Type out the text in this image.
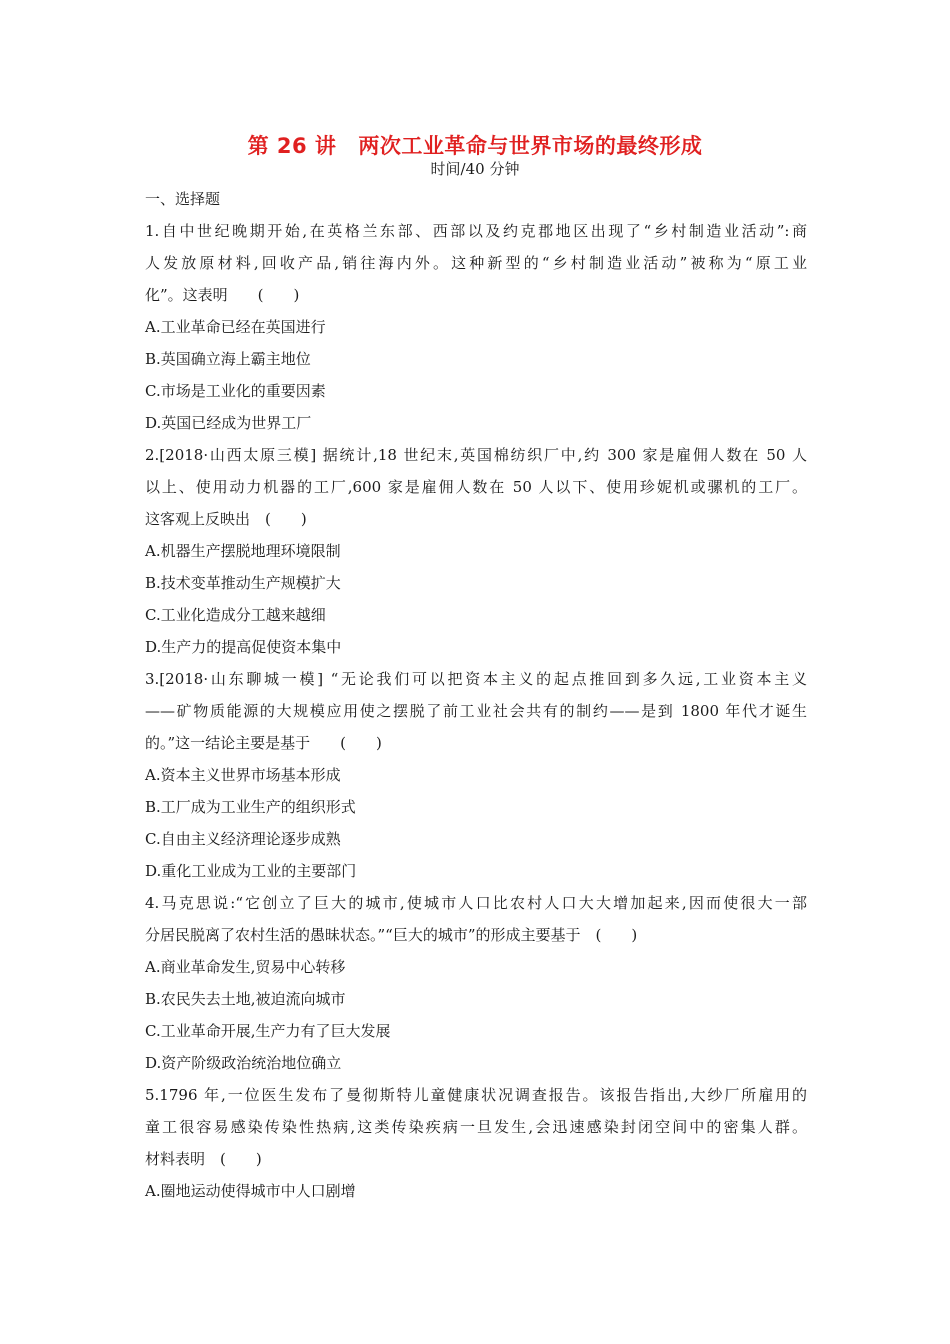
第 26 讲 两次工业革命与世界市场的最终形成
时间/40 分钟
一、选择题
1.自中世纪晚期开始,在英格兰东部、西部以及约克郡地区出现了“乡村制造业活动”:商
人发放原材料,回收产品,销往海内外。这种新型的“乡村制造业活动”被称为“原工业
化”。这表明　　(　　)
A.工业革命已经在英国进行
B.英国确立海上霸主地位
C.市场是工业化的重要因素
D.英国已经成为世界工厂
2.[2018·山西太原三模] 据统计,18 世纪末,英国棉纺织厂中,约 300 家是雇佣人数在 50 人
以上、使用动力机器的工厂,600 家是雇佣人数在 50 人以下、使用珍妮机或骡机的工厂。
这客观上反映出　(　　)
A.机器生产摆脱地理环境限制
B.技术变革推动生产规模扩大
C.工业化造成分工越来越细
D.生产力的提高促使资本集中
3.[2018·山东聊城一模] “无论我们可以把资本主义的起点推回到多久远,工业资本主义
——矿物质能源的大规模应用使之摆脱了前工业社会共有的制约——是到 1800 年代才诞生
的。”这一结论主要是基于　　(　　)
A.资本主义世界市场基本形成
B.工厂成为工业生产的组织形式
C.自由主义经济理论逐步成熟
D.重化工业成为工业的主要部门
4.马克思说:“它创立了巨大的城市,使城市人口比农村人口大大增加起来,因而使很大一部
分居民脱离了农村生活的愚昧状态。”“巨大的城市”的形成主要基于　(　　)
A.商业革命发生,贸易中心转移
B.农民失去土地,被迫流向城市
C.工业革命开展,生产力有了巨大发展
D.资产阶级政治统治地位确立
5.1796 年,一位医生发布了曼彻斯特儿童健康状况调查报告。该报告指出,大纱厂所雇用的
童工很容易感染传染性热病,这类传染疾病一旦发生,会迅速感染封闭空间中的密集人群。
材料表明　(　　)
A.圈地运动使得城市中人口剧增
